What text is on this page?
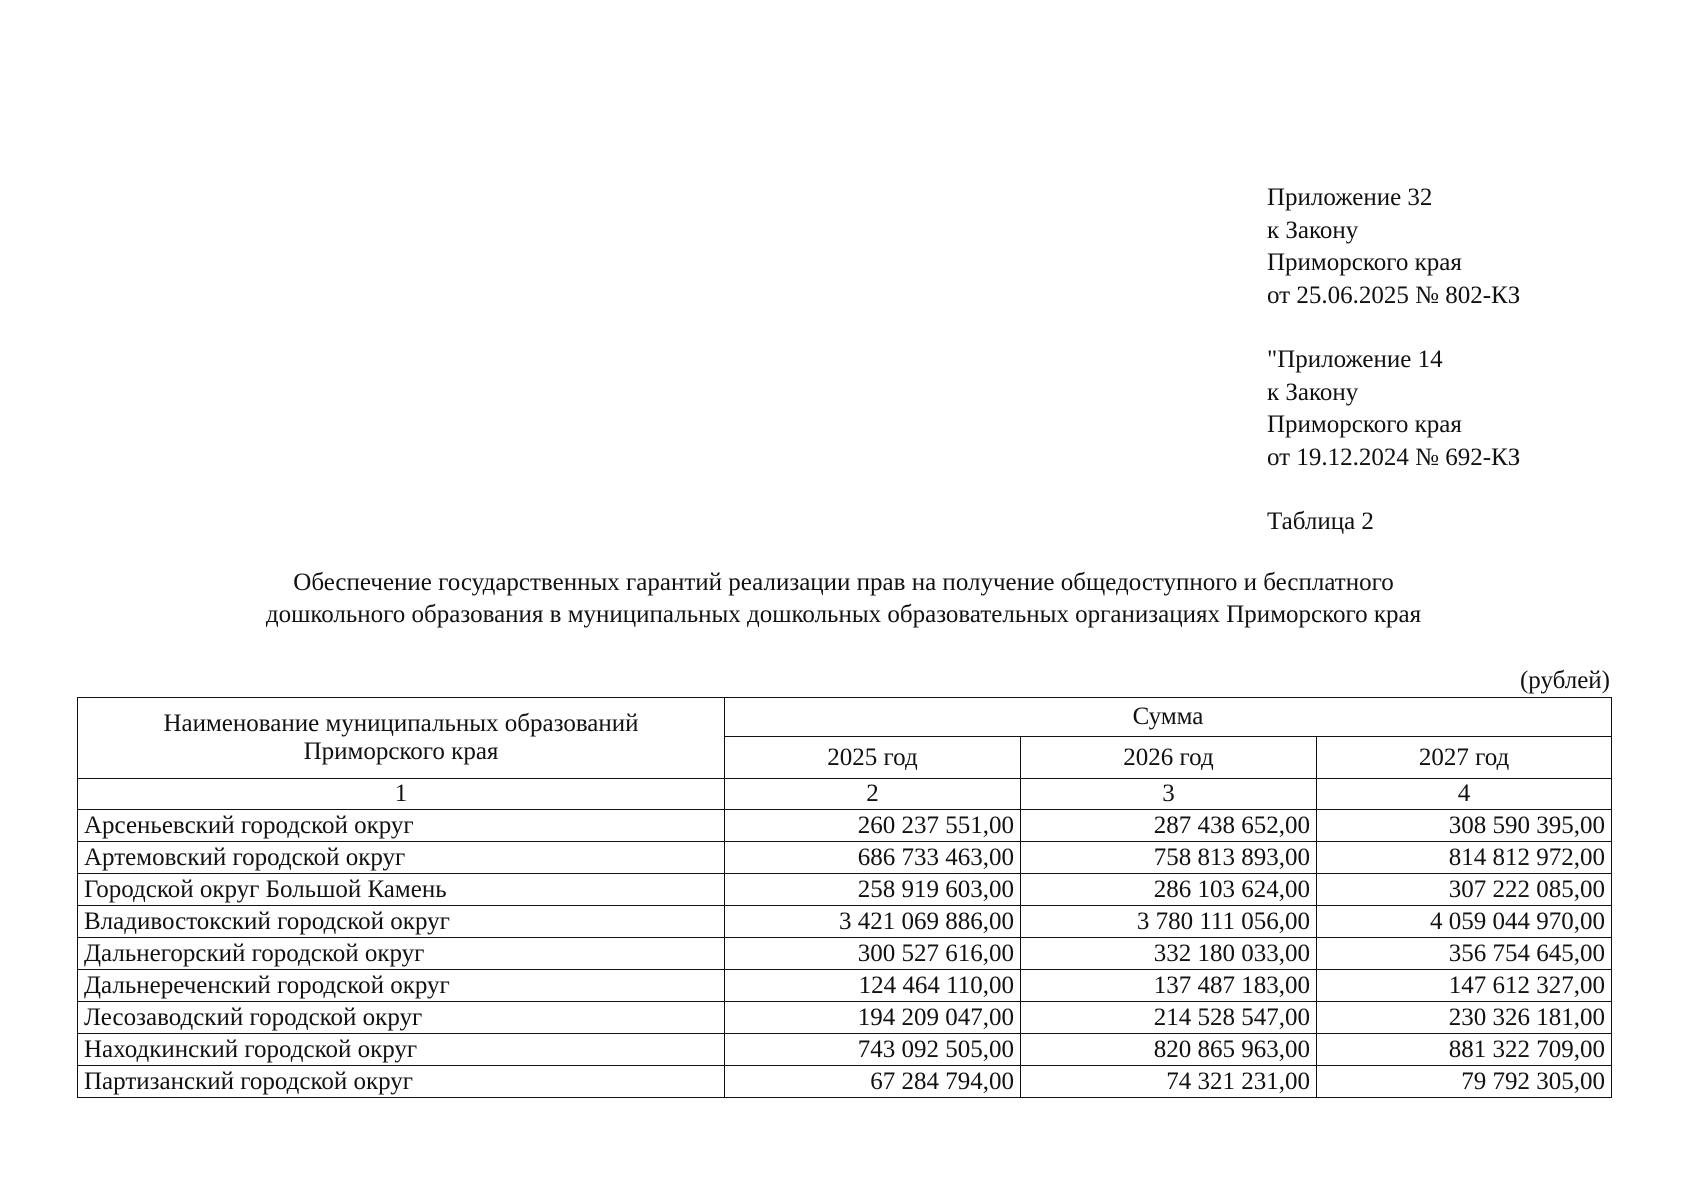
Приложение 32
к Закону
Приморского края
от 25.06.2025 № 802-КЗ
"Приложение 14
к Закону
Приморского края
от 19.12.2024 № 692-КЗ
Таблица 2
Обеспечение государственных гарантий реализации прав на получение общедоступного и бесплатного
дошкольного образования в муниципальных дошкольных образовательных организациях Приморского края
(рублей)
Наименование муниципальных образований
Приморского края	Сумма		
	2025 год	2026 год	2027 год
1	2	3	4
Арсеньевский городской округ	260 237 551,00	287 438 652,00	308 590 395,00
Артемовский городской округ	686 733 463,00	758 813 893,00	814 812 972,00
Городской округ Большой Камень	258 919 603,00	286 103 624,00	307 222 085,00
Владивостокский городской округ	3 421 069 886,00	3 780 111 056,00	4 059 044 970,00
Дальнегорский городской округ	300 527 616,00	332 180 033,00	356 754 645,00
Дальнереченский городской округ	124 464 110,00	137 487 183,00	147 612 327,00
Лесозаводский городской округ	194 209 047,00	214 528 547,00	230 326 181,00
Находкинский городской округ	743 092 505,00	820 865 963,00	881 322 709,00
Партизанский городской округ	67 284 794,00	74 321 231,00	79 792 305,00
